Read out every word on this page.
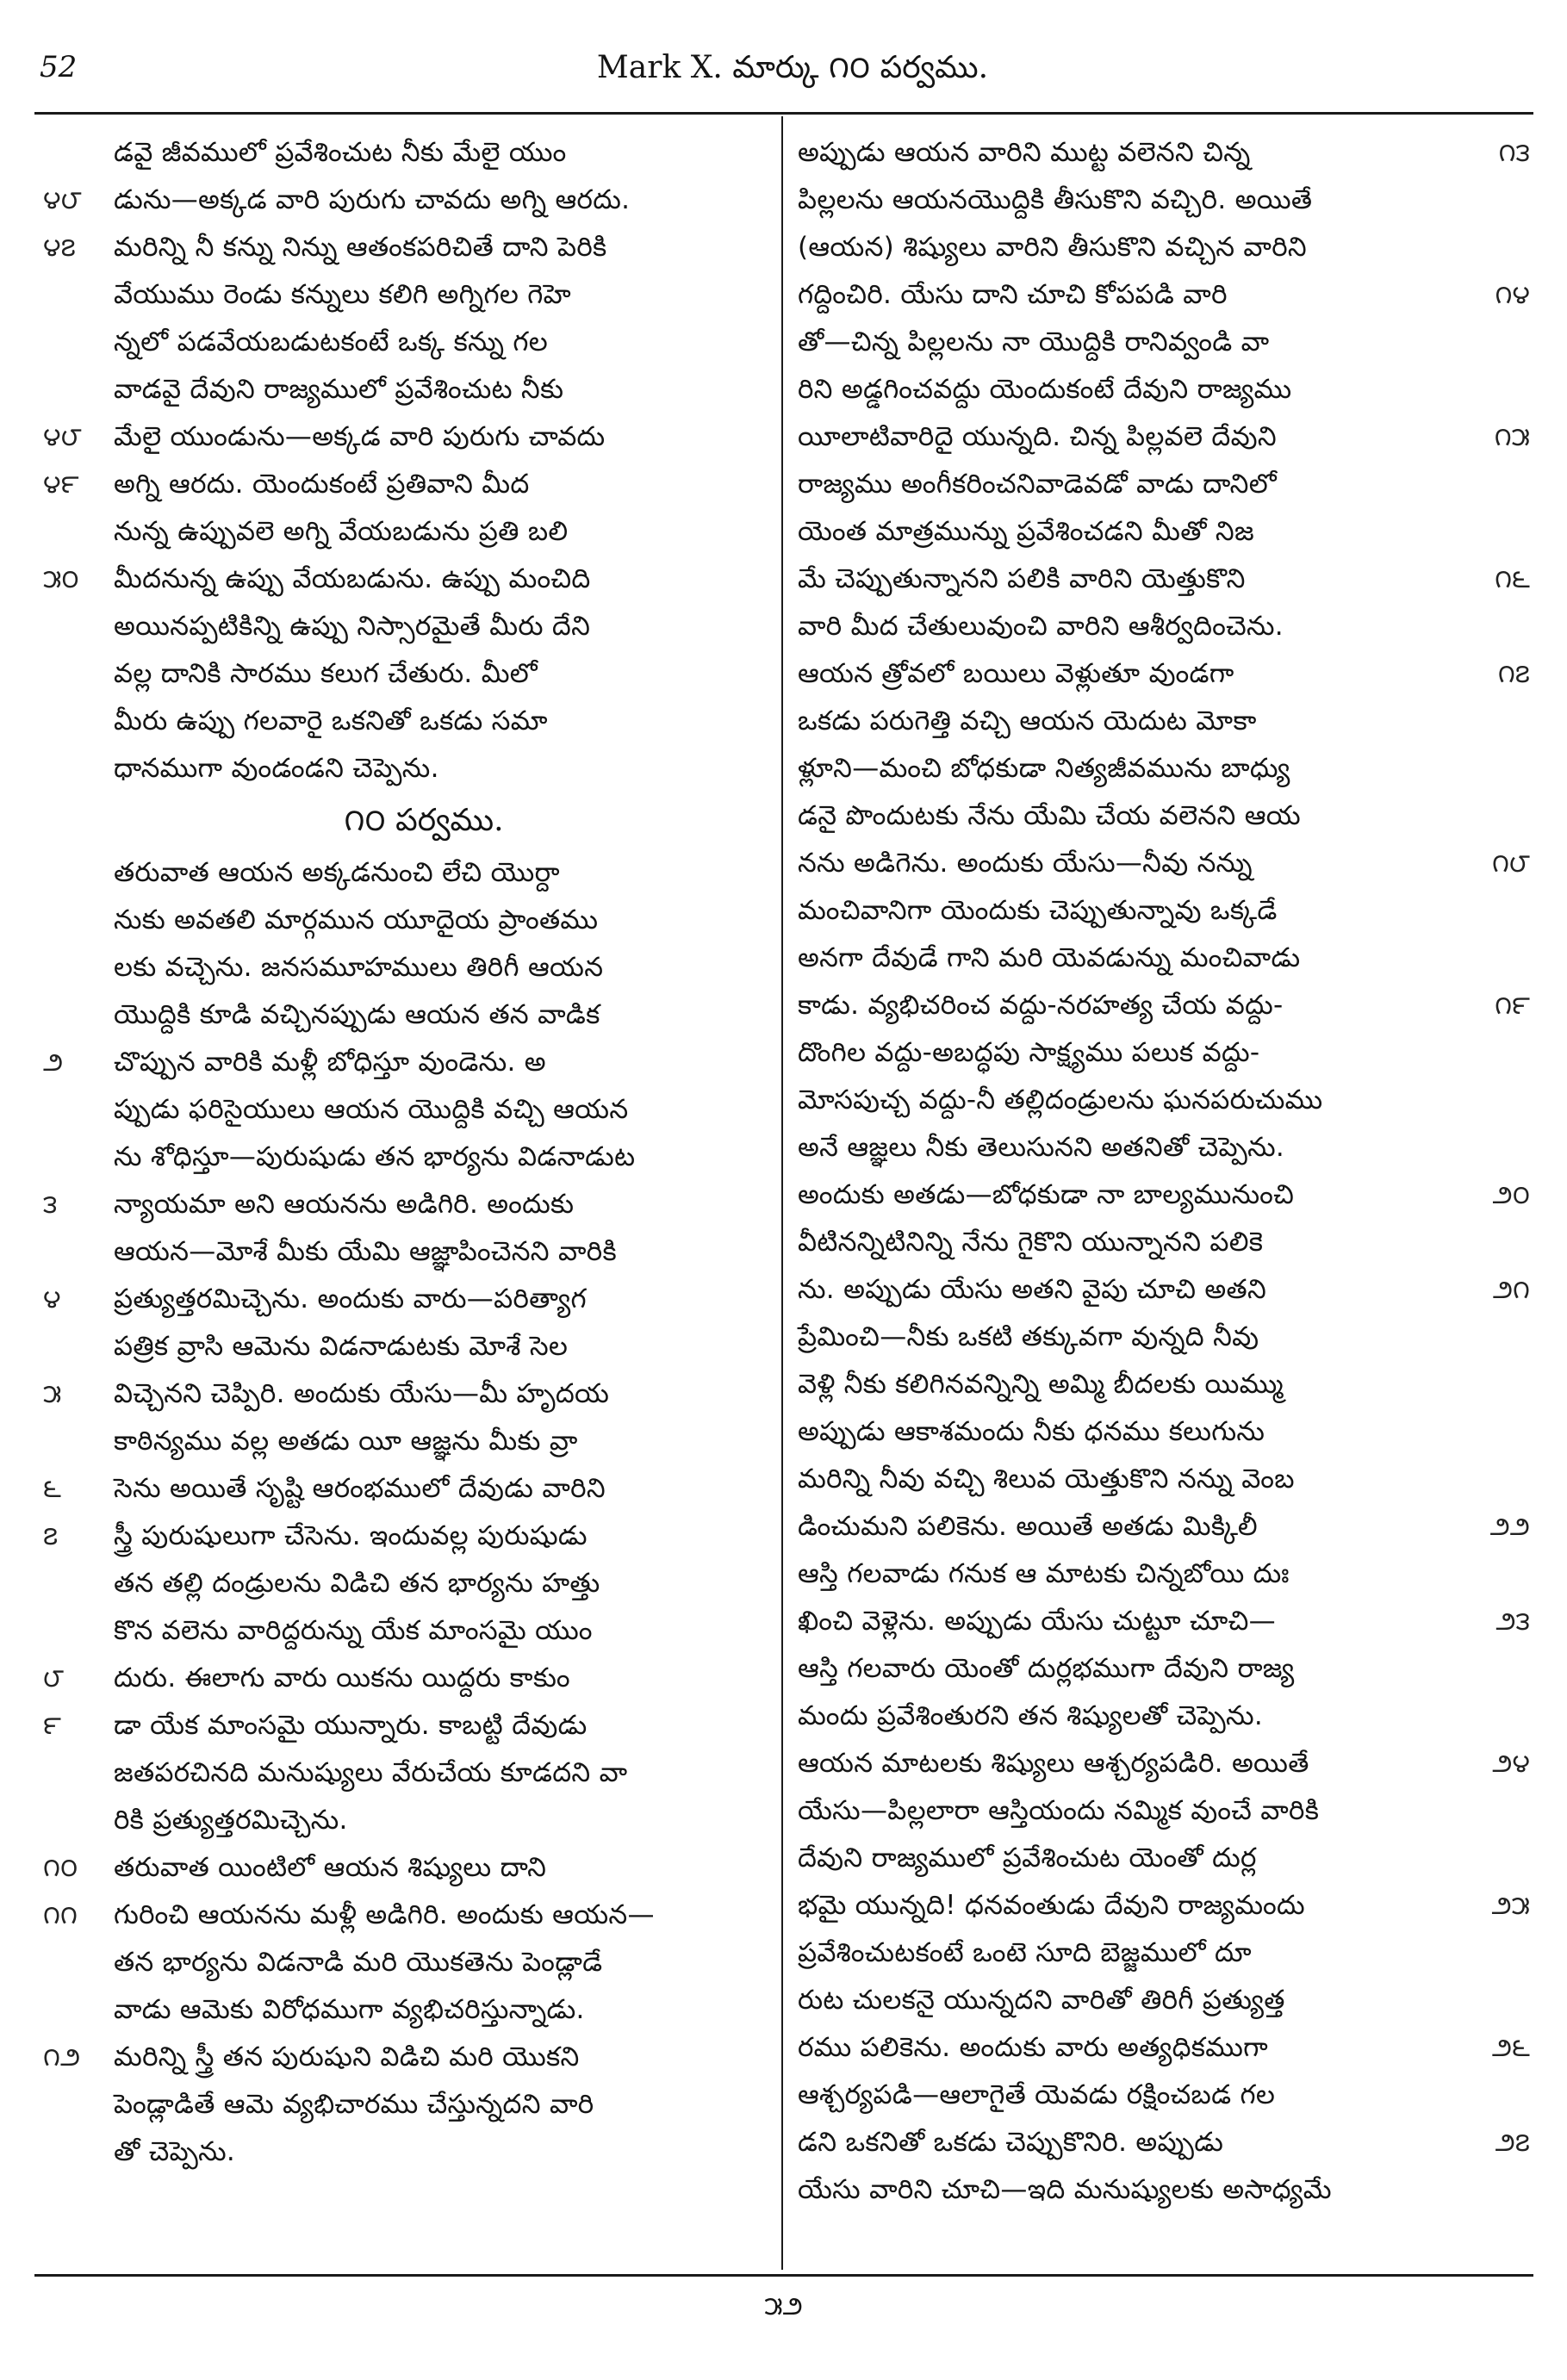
52	Mark X. మార్కు ౧౦ పర్వము.
డవై జీవములో ప్రవేశించుట నీకు మేలై యుం
౪౮ డును—అక్కడ వారి పురుగు చావదు అగ్ని ఆరదు.
౪౭ మరిన్ని నీ కన్ను నిన్ను ఆతంకపరిచితే దాని పెరికి
వేయుము రెండు కన్నులు కలిగి అగ్నిగల గెహె
న్నలో పడవేయబడుటకంటే ఒక్క కన్ను గల
వాడవై దేవుని రాజ్యములో ప్రవేశించుట నీకు
౪౮ మేలై యుండును—అక్కడ వారి పురుగు చావదు
౪౯ అగ్ని ఆరదు. యెందుకంటే ప్రతివాని మీద
నున్న ఉప్పువలె అగ్ని వేయబడును ప్రతి బలి
౫౦ మీదనున్న ఉప్పు వేయబడును. ఉప్పు మంచిది
అయినప్పటికిన్ని ఉప్పు నిస్సారమైతే మీరు దేని
వల్ల దానికి సారము కలుగ చేతురు. మీలో
మీరు ఉప్పు గలవారై ఒకనితో ఒకడు సమా
ధానముగా వుండండని చెప్పెను.
౧౦ పర్వము.
తరువాత ఆయన అక్కడనుంచి లేచి యొర్దా
నుకు అవతలి మార్గమున యూదైయ ప్రాంతము
లకు వచ్చెను. జనసమూహములు తిరిగీ ఆయన
యొద్దికి కూడి వచ్చినప్పుడు ఆయన తన వాడిక
౨ చొప్పున వారికి మళ్లీ బోధిస్తూ వుండెను. అ
ప్పుడు ఫరిసైయులు ఆయన యొద్దికి వచ్చి ఆయన
ను శోధిస్తూ—పురుషుడు తన భార్యను విడనాడుట
౩ న్యాయమా అని ఆయనను అడిగిరి. అందుకు
ఆయన—మోశే మీకు యేమి ఆజ్ఞాపించెనని వారికి
౪ ప్రత్యుత్తరమిచ్చెను. అందుకు వారు—పరిత్యాగ
పత్రిక వ్రాసి ఆమెను విడనాడుటకు మోశే సెల
౫ విచ్చెనని చెప్పిరి. అందుకు యేసు—మీ హృదయ
కాఠిన్యము వల్ల అతడు యీ ఆజ్ఞను మీకు వ్రా
౬ సెను అయితే సృష్టి ఆరంభములో దేవుడు వారిని
౭ స్త్రీ పురుషులుగా చేసెను. ఇందువల్ల పురుషుడు
తన తల్లి దండ్రులను విడిచి తన భార్యను హత్తు
కొన వలెను వారిద్దరున్ను యేక మాంసమై యుం
౮ దురు. ఈలాగు వారు యికను యిద్దరు కాకుం
౯ డా యేక మాంసమై యున్నారు. కాబట్టి దేవుడు
జతపరచినది మనుష్యులు వేరుచేయ కూడదని వా
రికి ప్రత్యుత్తరమిచ్చెను.
౧౦ తరువాత యింటిలో ఆయన శిష్యులు దాని
౧౧ గురించి ఆయనను మళ్లీ అడిగిరి. అందుకు ఆయన—
తన భార్యను విడనాడి మరి యొకతెను పెండ్లాడే
వాడు ఆమెకు విరోధముగా వ్యభిచరిస్తున్నాడు.
౧౨ మరిన్ని స్త్రీ తన పురుషుని విడిచి మరి యొకని
పెండ్లాడితే ఆమె వ్యభిచారము చేస్తున్నదని వారి
తో చెప్పెను.
౧౩
అప్పుడు ఆయన వారిని ముట్ట వలెనని చిన్న
పిల్లలను ఆయనయొద్దికి తీసుకొని వచ్చిరి. అయితే
(ఆయన) శిష్యులు వారిని తీసుకొని వచ్చిన వారిని
౧౪
గద్దించిరి. యేసు దాని చూచి కోపపడి వారి
తో—చిన్న పిల్లలను నా యొద్దికి రానివ్వండి వా
రిని అడ్డగించవద్దు యెందుకంటే దేవుని రాజ్యము
౧౫
యీలాటివారిదై యున్నది. చిన్న పిల్లవలె దేవుని
రాజ్యము అంగీకరించనివాడెవడో వాడు దానిలో
యెంత మాత్రమున్ను ప్రవేశించడని మీతో నిజ
౧౬
మే చెప్పుతున్నానని పలికి వారిని యెత్తుకొని
వారి మీద చేతులువుంచి వారిని ఆశీర్వదించెను.
౧౭
ఆయన త్రోవలో బయిలు వెళ్లుతూ వుండగా
ఒకడు పరుగెత్తి వచ్చి ఆయన యెదుట మోకా
ళ్లూని—మంచి బోధకుడా నిత్యజీవమును బాధ్యు
డనై పొందుటకు నేను యేమి చేయ వలెనని ఆయ
౧౮
నను అడిగెను. అందుకు యేసు—నీవు నన్ను
మంచివానిగా యెందుకు చెప్పుతున్నావు ఒక్కడే
అనగా దేవుడే గాని మరి యెవడున్ను మంచివాడు
౧౯
కాడు. వ్యభిచరించ వద్దు-నరహత్య చేయ వద్దు-
దొంగిల వద్దు-అబద్ధపు సాక్ష్యము పలుక వద్దు-
మోసపుచ్చ వద్దు-నీ తల్లిదండ్రులను ఘనపరుచుము
అనే ఆజ్ఞలు నీకు తెలుసునని అతనితో చెప్పెను.
౨౦
అందుకు అతడు—బోధకుడా నా బాల్యమునుంచి
వీటినన్నిటినిన్ని నేను గైకొని యున్నానని పలికె
౨౧
ను. అప్పుడు యేసు అతని వైపు చూచి అతని
ప్రేమించి—నీకు ఒకటి తక్కువగా వున్నది నీవు
వెళ్లి నీకు కలిగినవన్నిన్ని అమ్మి బీదలకు యిమ్ము
అప్పుడు ఆకాశమందు నీకు ధనము కలుగును
మరిన్ని నీవు వచ్చి శిలువ యెత్తుకొని నన్ను వెంబ
౨౨
డించుమని పలికెను. అయితే అతడు మిక్కిలీ
ఆస్తి గలవాడు గనుక ఆ మాటకు చిన్నబోయి దుః
౨౩
ఖించి వెళ్లెను. అప్పుడు యేసు చుట్టూ చూచి—
ఆస్తి గలవారు యెంతో దుర్లభముగా దేవుని రాజ్య
మందు ప్రవేశింతురని తన శిష్యులతో చెప్పెను.
౨౪
ఆయన మాటలకు శిష్యులు ఆశ్చర్యపడిరి. అయితే
యేసు—పిల్లలారా ఆస్తియందు నమ్మిక వుంచే వారికి
దేవుని రాజ్యములో ప్రవేశించుట యెంతో దుర్ల
౨౫
భమై యున్నది! ధనవంతుడు దేవుని రాజ్యమందు
ప్రవేశించుటకంటే ఒంటె సూది బెజ్జములో దూ
రుట చులకనై యున్నదని వారితో తిరిగీ ప్రత్యుత్త
౨౬
రము పలికెను. అందుకు వారు అత్యధికముగా
ఆశ్చర్యపడి—ఆలాగైతే యెవడు రక్షించబడ గల
౨౭
డని ఒకనితో ఒకడు చెప్పుకొనిరి. అప్పుడు
యేసు వారిని చూచి—ఇది మనుష్యులకు అసాధ్యమే
౫౨
